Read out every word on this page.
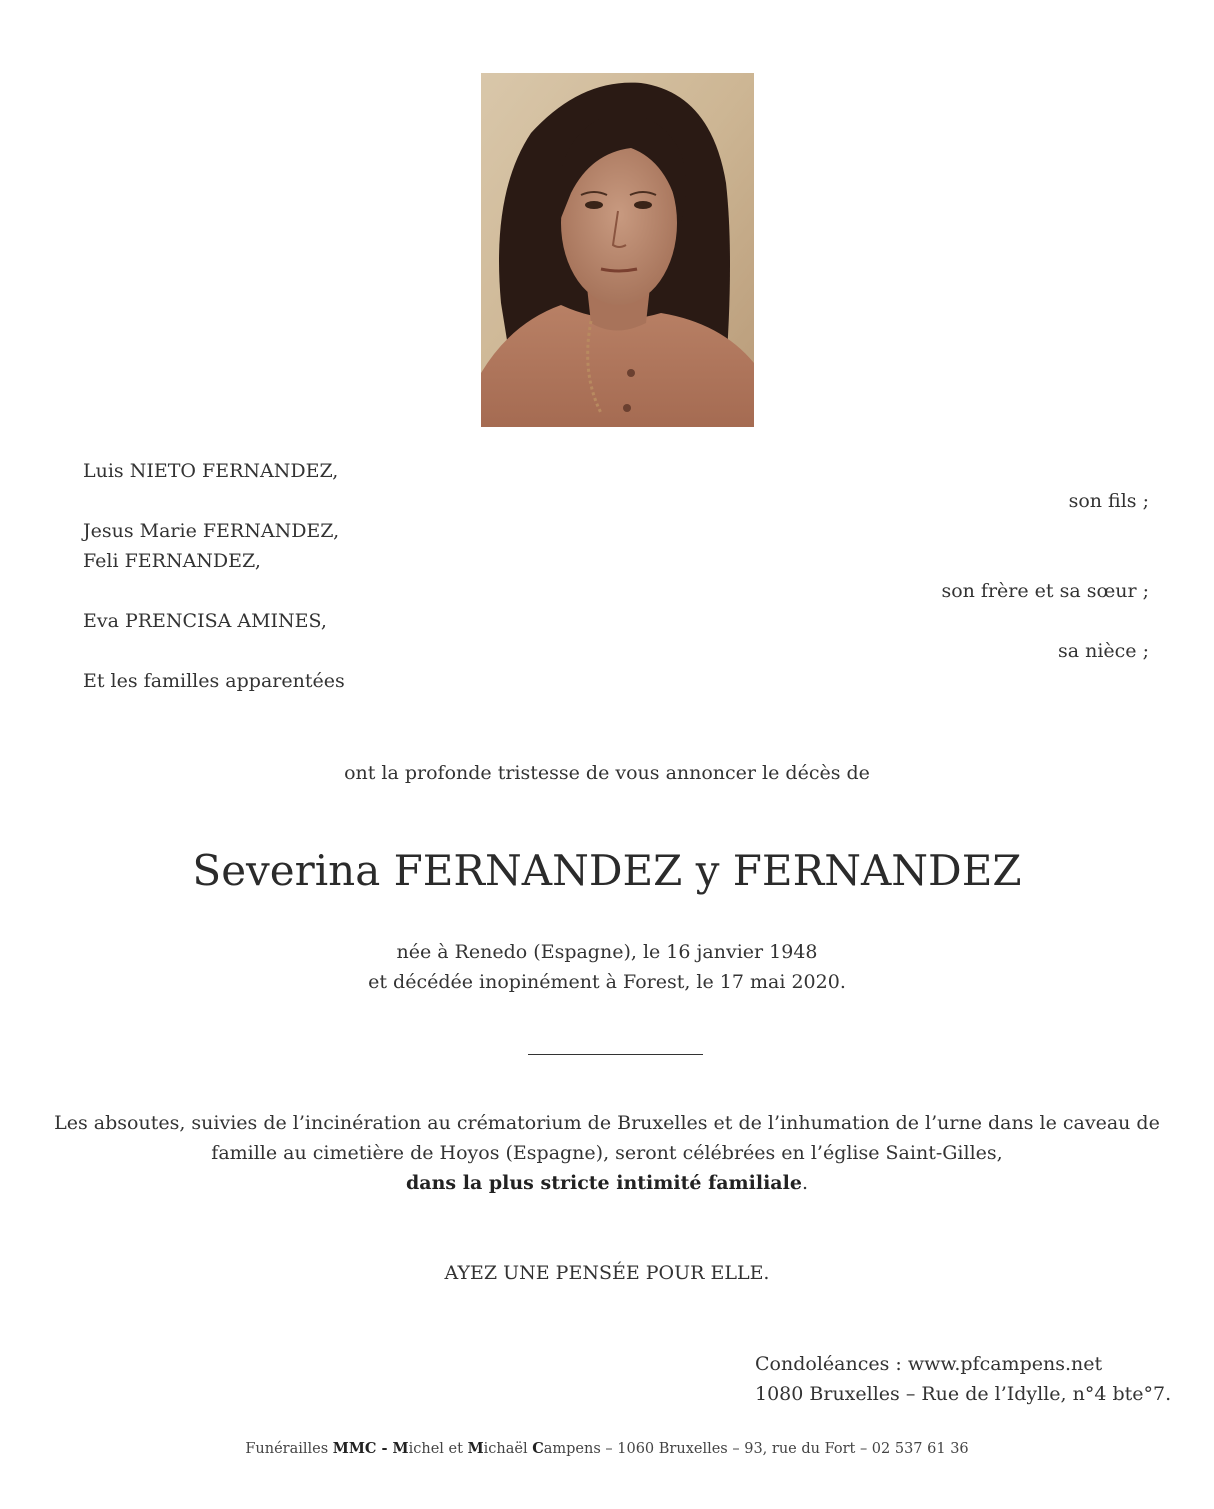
Luis NIETO FERNANDEZ,
son fils ;
Jesus Marie FERNANDEZ,
Feli FERNANDEZ,
son frère et sa sœur ;
Eva PRENCISA AMINES,
sa nièce ;
Et les familles apparentées
ont la profonde tristesse de vous annoncer le décès de
Severina FERNANDEZ y FERNANDEZ
née à Renedo (Espagne), le 16 janvier 1948
et décédée inopinément à Forest, le 17 mai 2020.
Les absoutes, suivies de l’incinération au crématorium de Bruxelles et de l’inhumation de l’urne dans le caveau de
famille au cimetière de Hoyos (Espagne), seront célébrées en l’église Saint-Gilles,
dans la plus stricte intimité familiale.
AYEZ UNE PENSÉE POUR ELLE.
Condoléances : www.pfcampens.net
1080 Bruxelles – Rue de l’Idylle, n°4 bte°7.
Funérailles MMC - Michel et Michaël Campens – 1060 Bruxelles – 93, rue du Fort – 02 537 61 36
